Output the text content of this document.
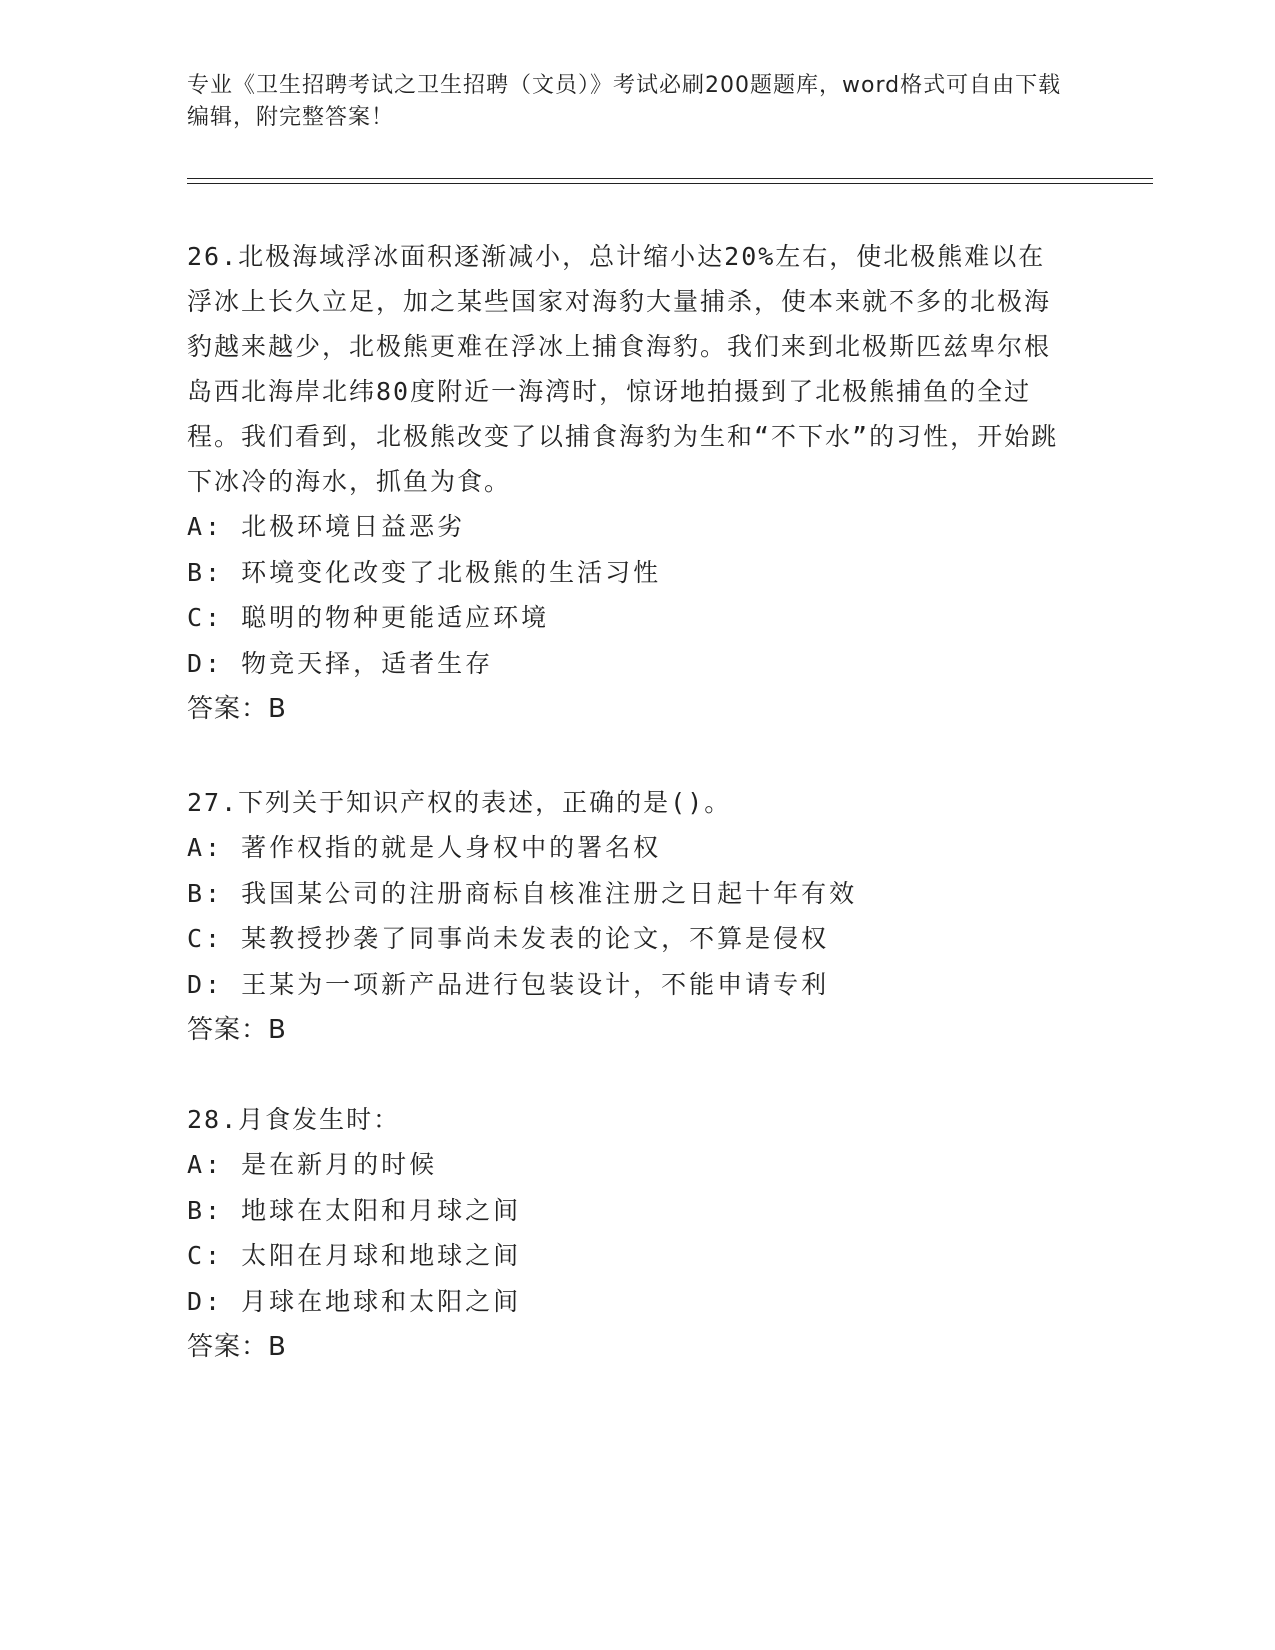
专业《卫生招聘考试之卫生招聘（文员）》考试必刷200题题库，word格式可自由下载编辑，附完整答案！

26.北极海域浮冰面积逐渐减小，总计缩小达20%左右，使北极熊难以在浮冰上长久立足，加之某些国家对海豹大量捕杀，使本来就不多的北极海豹越来越少，北极熊更难在浮冰上捕食海豹。我们来到北极斯匹兹卑尔根岛西北海岸北纬80度附近一海湾时，惊讶地拍摄到了北极熊捕鱼的全过程。我们看到，北极熊改变了以捕食海豹为生和“不下水”的习性，开始跳下冰冷的海水，抓鱼为食。

A: 北极环境日益恶劣

B: 环境变化改变了北极熊的生活习性

C: 聪明的物种更能适应环境

D: 物竞天择，适者生存

答案：B

27.下列关于知识产权的表述，正确的是()。

A: 著作权指的就是人身权中的署名权

B: 我国某公司的注册商标自核准注册之日起十年有效

C: 某教授抄袭了同事尚未发表的论文，不算是侵权

D: 王某为一项新产品进行包装设计，不能申请专利

答案：B

28.月食发生时：

A: 是在新月的时候

B: 地球在太阳和月球之间

C: 太阳在月球和地球之间

D: 月球在地球和太阳之间

答案：B
